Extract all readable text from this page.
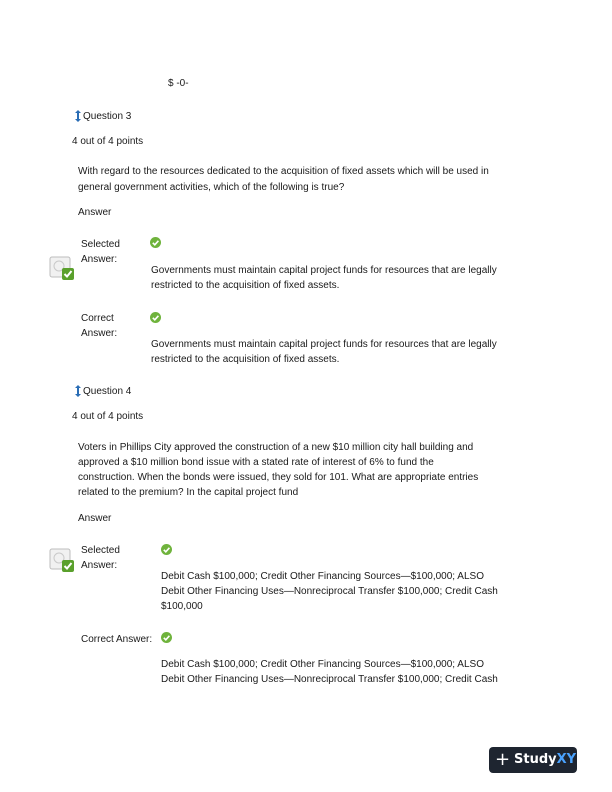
$ -0-
Question 3
4 out of 4 points
With regard to the resources dedicated to the acquisition of fixed assets which will be used in
general government activities, which of the following is true?
Answer
Selected
Answer:
Governments must maintain capital project funds for resources that are legally
restricted to the acquisition of fixed assets.
Correct
Answer:
Governments must maintain capital project funds for resources that are legally
restricted to the acquisition of fixed assets.
Question 4
4 out of 4 points
Voters in Phillips City approved the construction of a new $10 million city hall building and
approved a $10 million bond issue with a stated rate of interest of 6% to fund the
construction. When the bonds were issued, they sold for 101. What are appropriate entries
related to the premium? In the capital project fund
Answer
Selected
Answer:
Debit Cash $100,000; Credit Other Financing Sources—$100,000; ALSO
Debit Other Financing Uses—Nonreciprocal Transfer $100,000; Credit Cash
$100,000
Correct Answer:
Debit Cash $100,000; Credit Other Financing Sources—$100,000; ALSO
Debit Other Financing Uses—Nonreciprocal Transfer $100,000; Credit Cash
+ StudyXY
